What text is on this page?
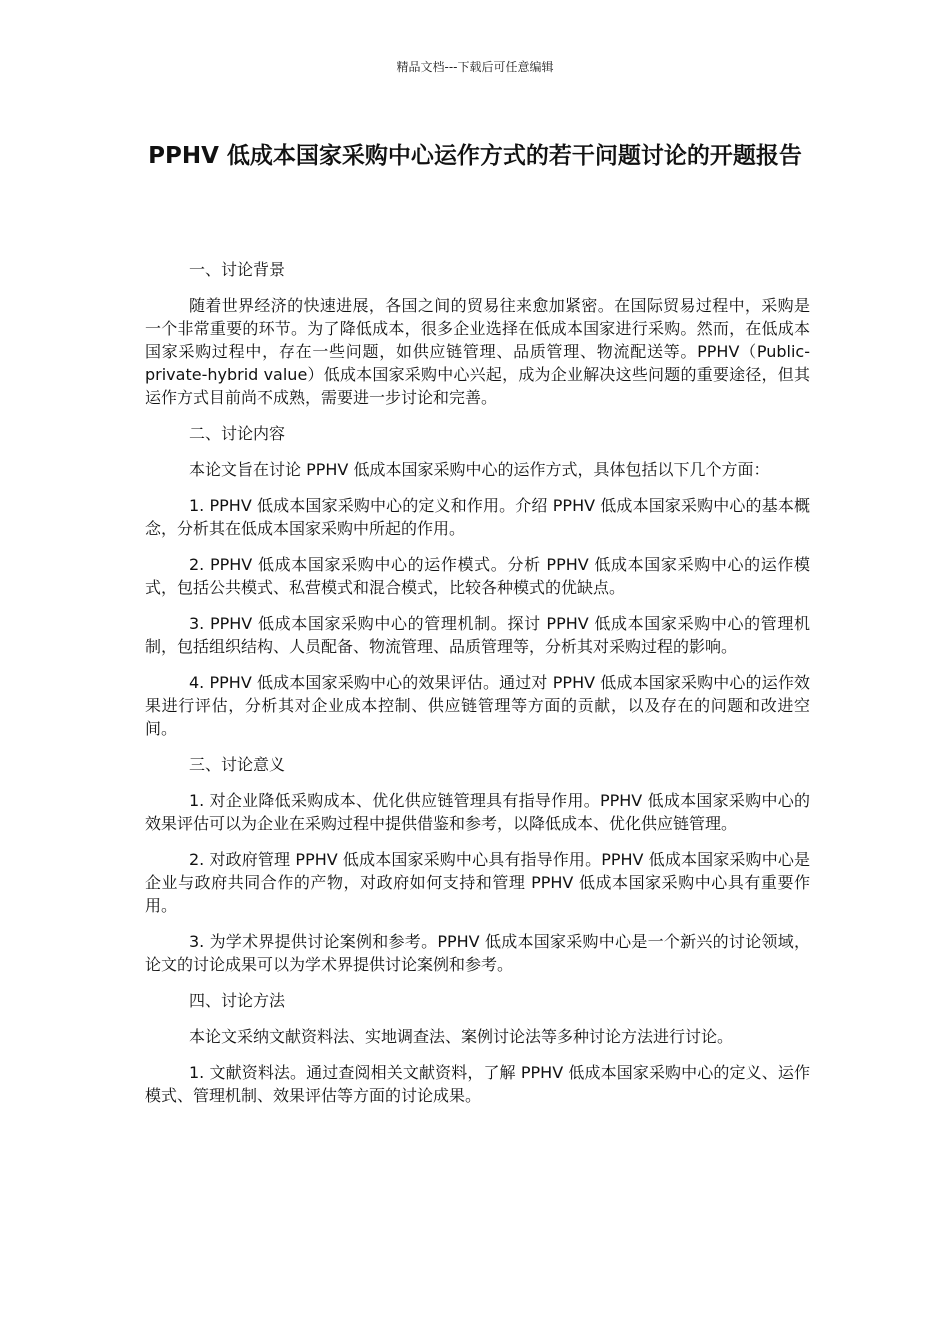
精品文档---下载后可任意编辑
PPHV 低成本国家采购中心运作方式的若干问题讨论的开题报告

一、讨论背景

随着世界经济的快速进展，各国之间的贸易往来愈加紧密。在国际贸易过程中，采购是一个非常重要的环节。为了降低成本，很多企业选择在低成本国家进行采购。然而，在低成本国家采购过程中，存在一些问题，如供应链管理、品质管理、物流配送等。PPHV（Public-private-hybrid value）低成本国家采购中心兴起，成为企业解决这些问题的重要途径，但其运作方式目前尚不成熟，需要进一步讨论和完善。

二、讨论内容

本论文旨在讨论 PPHV 低成本国家采购中心的运作方式，具体包括以下几个方面：

1. PPHV 低成本国家采购中心的定义和作用。介绍 PPHV 低成本国家采购中心的基本概念，分析其在低成本国家采购中所起的作用。

2. PPHV 低成本国家采购中心的运作模式。分析 PPHV 低成本国家采购中心的运作模式，包括公共模式、私营模式和混合模式，比较各种模式的优缺点。

3. PPHV 低成本国家采购中心的管理机制。探讨 PPHV 低成本国家采购中心的管理机制，包括组织结构、人员配备、物流管理、品质管理等，分析其对采购过程的影响。

4. PPHV 低成本国家采购中心的效果评估。通过对 PPHV 低成本国家采购中心的运作效果进行评估，分析其对企业成本控制、供应链管理等方面的贡献，以及存在的问题和改进空间。

三、讨论意义

1. 对企业降低采购成本、优化供应链管理具有指导作用。PPHV 低成本国家采购中心的效果评估可以为企业在采购过程中提供借鉴和参考，以降低成本、优化供应链管理。

2. 对政府管理 PPHV 低成本国家采购中心具有指导作用。PPHV 低成本国家采购中心是企业与政府共同合作的产物，对政府如何支持和管理 PPHV 低成本国家采购中心具有重要作用。

3. 为学术界提供讨论案例和参考。PPHV 低成本国家采购中心是一个新兴的讨论领域，论文的讨论成果可以为学术界提供讨论案例和参考。

四、讨论方法

本论文采纳文献资料法、实地调查法、案例讨论法等多种讨论方法进行讨论。

1. 文献资料法。通过查阅相关文献资料，了解 PPHV 低成本国家采购中心的定义、运作模式、管理机制、效果评估等方面的讨论成果。
